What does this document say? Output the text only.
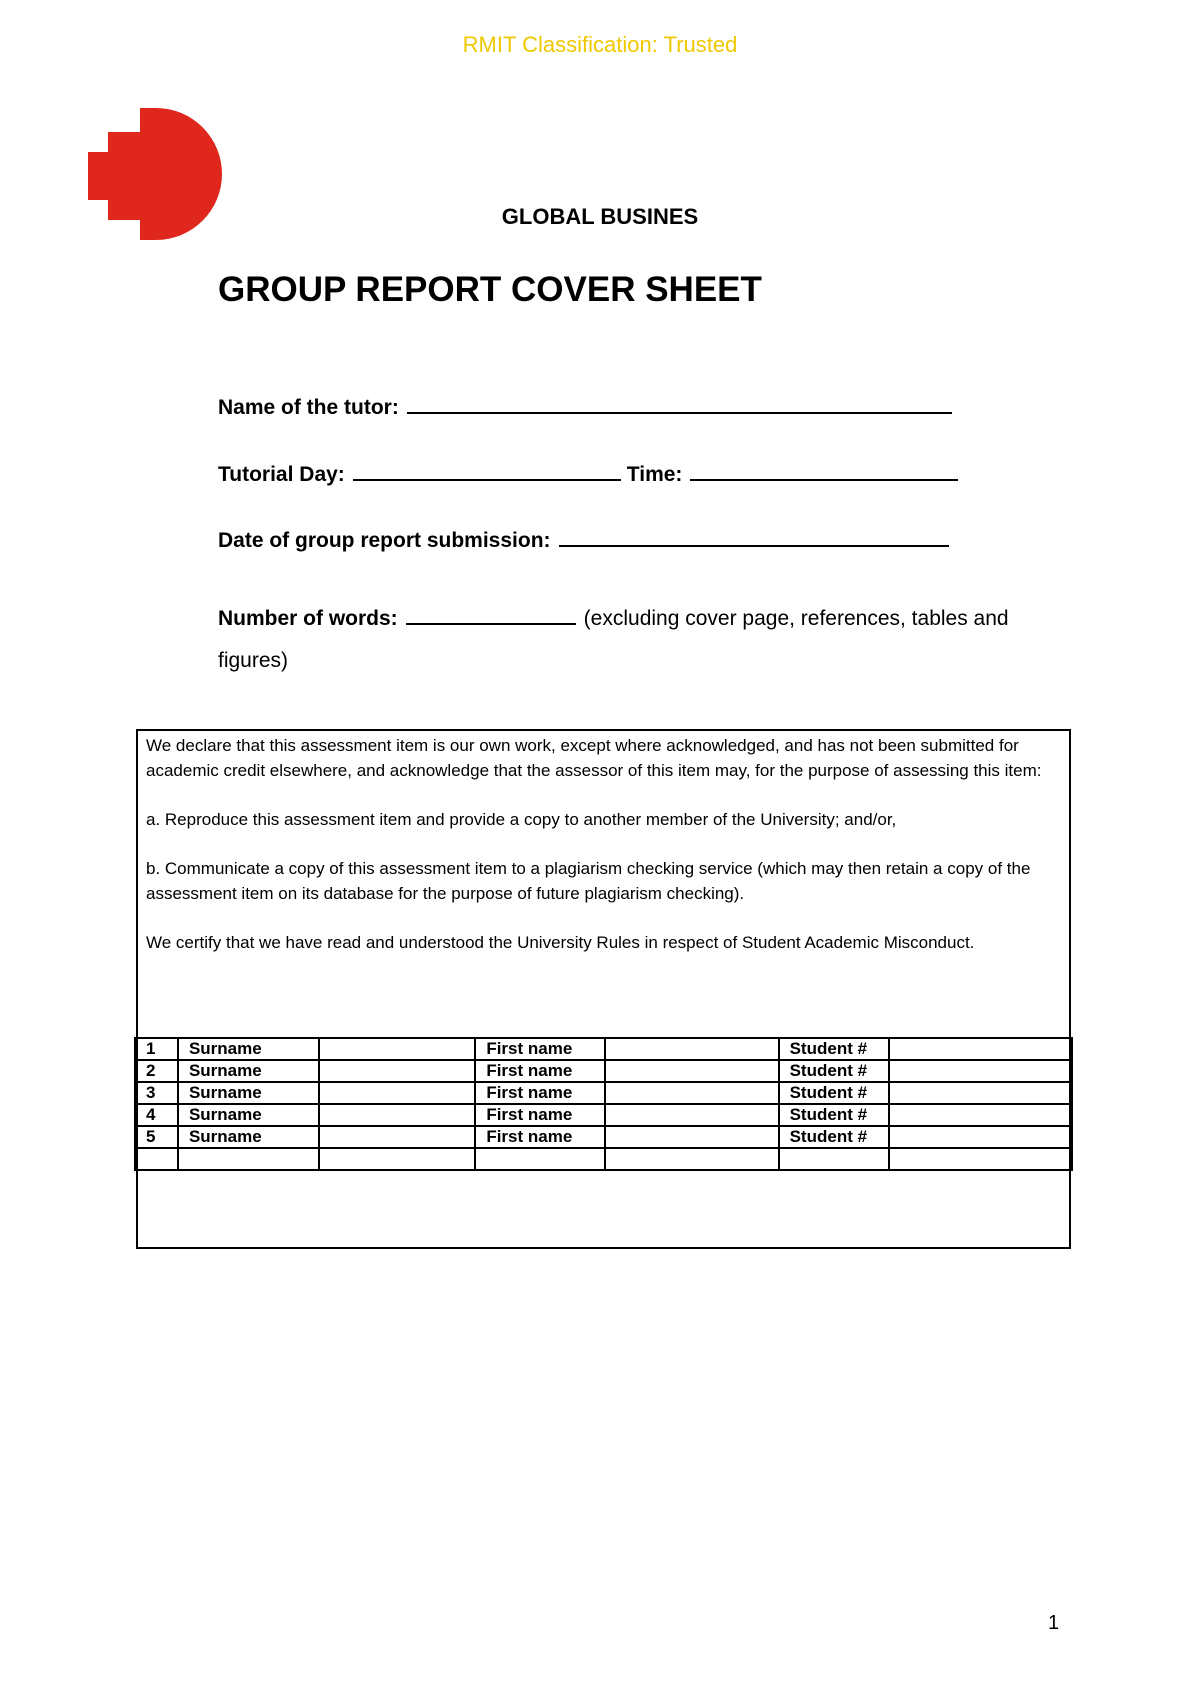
RMIT Classification: Trusted
GLOBAL BUSINES
GROUP REPORT COVER SHEET
Name of the tutor:
Tutorial Day:	Time:
Date of group report submission:
Number of words:	(excluding cover page, references, tables and
figures)

We declare that this assessment item is our own work, except where acknowledged, and has not been submitted for academic credit elsewhere, and acknowledge that the assessor of this item may, for the purpose of assessing this item:

a. Reproduce this assessment item and provide a copy to another member of the University; and/or,

b. Communicate a copy of this assessment item to a plagiarism checking service (which may then retain a copy of the assessment item on its database for the purpose of future plagiarism checking).

We certify that we have read and understood the University Rules in respect of Student Academic Misconduct.

1	Surname		First name		Student #	
2	Surname		First name		Student #	
3	Surname		First name		Student #	
4	Surname		First name		Student #	
5	Surname		First name		Student #	

1
